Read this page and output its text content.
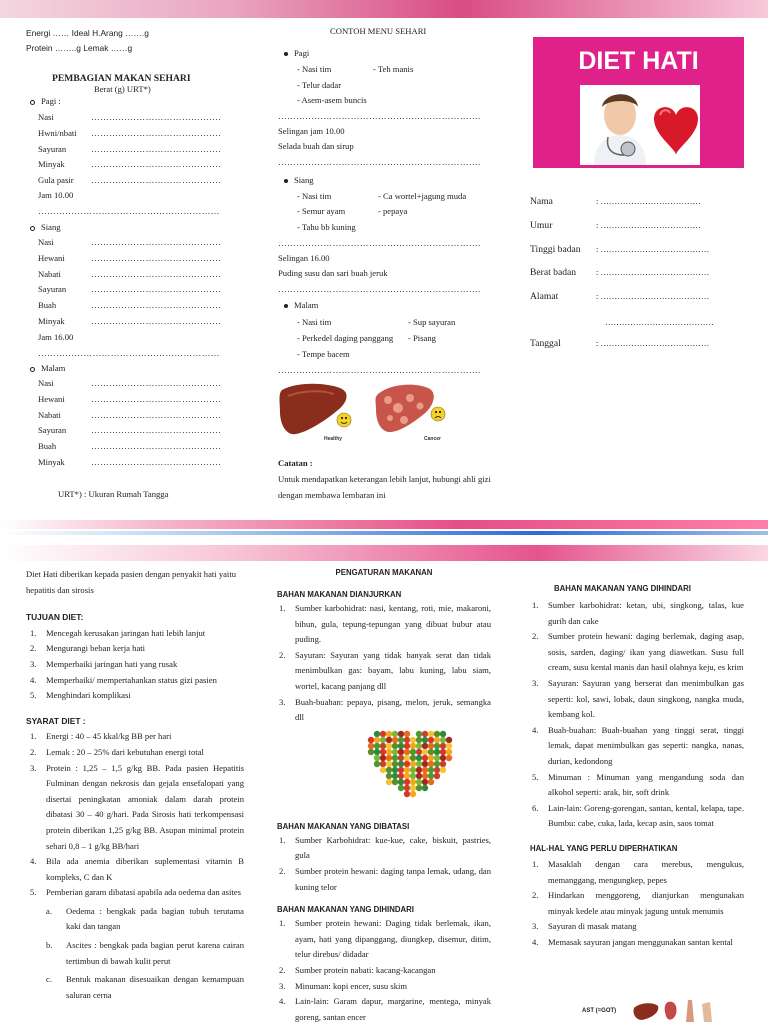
Energi …… Ideal H.Arang …….g
Protein ……..g Lemak ……g
PEMBAGIAN MAKAN SEHARI
Berat (g) URT*)
Pagi :
Nasi	…………………………………….
Hwni/nbati …………………………………….
Sayuran	…………………………………….
Minyak	…………………………………….
Gula pasir …………………………………….
Jam 10.00
……………………………………………………
Siang
Nasi	…………………………………….
Hewani	…………………………………….
Nabati	…………………………………….
Sayuran	…………………………………….
Buah	…………………………………….
Minyak	…………………………………….
Jam 16.00
……………………………………………………
Malam
Nasi	…………………………………….
Hewani	…………………………………….
Nabati	…………………………………….
Sayuran	…………………………………….
Buah	…………………………………….
Minyak	…………………………………….
URT*) : Ukuran Rumah Tangga
CONTOH MENU SEHARI
Pagi
- Nasi tim	- Teh manis
- Telur dadar
- Asem-asem buncis
………………………………………………………….
Selingan jam 10.00
Selada buah dan sirup
………………………………………………………….
Siang
- Nasi tim	- Ca wortel+jagung muda
- Semur ayam	- pepaya
- Tahu bb kuning
………………………………………………………….
Selingan 16.00
Puding susu dan sari buah jeruk
………………………………………………………….
Malam
- Nasi tim	- Sup sayuran
- Perkedel daging panggang - Pisang
- Tempe bacem
………………………………………………………….
Healthy	Cancer
Catatan :
Untuk mendapatkan keterangan lebih lanjut, hubungi ahli gizi dengan membawa lembaran ini
DIET HATI
Nama	: ………………………………
Umur	: ………………………………
Tinggi badan : …………………………………
Berat badan : …………………………………
Alamat	: …………………………………
…………………………………
Tanggal	: …………………………………
Diet Hati diberikan kepada pasien dengan penyakit hati yaitu hepatitis dan sirosis
TUJUAN DIET:
1. Mencegah kerusakan jaringan hati lebih lanjut
2. Mengurangi beban kerja hati
3. Memperbaiki jaringan hati yang rusak
4. Memperbaiki/ mempertahankan status gizi pasien
5. Menghindari komplikasi
SYARAT DIET :
1. Energi : 40 – 45 kkal/kg BB per hari
2. Lemak : 20 – 25% dari kebutuhan energi total
3. Protein : 1,25 – 1,5 g/kg BB. Pada pasien Hepatitis Fulminan dengan nekrosis dan gejala ensefalopati yang disertai peningkatan amoniak dalam darah protein dibatasi 30 – 40 g/hari. Pada Sirosis hati terkompensasi protein diberikan 1,25 g/kg BB. Asupan minimal protein sehari 0,8 – 1 g/kg BB/hari
4. Bila ada anemia diberikan suplementasi vitamin B kompleks, C dan K
5. Pemberian garam dibatasi apabila ada oedema dan asites
a. Oedema : bengkak pada bagian tubuh terutama kaki dan tangan
b. Ascites : bengkak pada bagian perut karena cairan tertimbun di bawah kulit perut
c. Bentuk makanan disesuaikan dengan kemampuan saluran cerna
PENGATURAN MAKANAN
BAHAN MAKANAN DIANJURKAN
1. Sumber karbohidrat: nasi, kentang, roti, mie, makaroni, bihun, gula, tepung-tepungan yang dibuat bubur atau puding.
2. Sayuran: Sayuran yang tidak banyak serat dan tidak menimbulkan gas: bayam, labu kuning, labu siam, wortel, kacang panjang dll
3. Buah-buahan: pepaya, pisang, melon, jeruk, semangka dll
BAHAN MAKANAN YANG DIBATASI
1. Sumber Karbohidrat: kue-kue, cake, biskuit, pastries, gula
2. Sumber protein hewani: daging tanpa lemak, udang, dan kuning telor
BAHAN MAKANAN YANG DIHINDARI
1. Sumber protein hewani: Daging tidak berlemak, ikan, ayam, hati yang dipanggang, diungkep, disemur, ditim, telur direbus/ didadar
2. Sumber protein nabati: kacang-kacangan
3. Minuman: kopi encer, susu skim
4. Lain-lain: Garam dapur, margarine, mentega, minyak goreng, santan encer
BAHAN MAKANAN YANG DIHINDARI
1. Sumber karbohidrat: ketan, ubi, singkong, talas, kue gurih dan cake
2. Sumber protein hewani: daging berlemak, daging asap, sosis, sarden, daging/ ikan yang diawetkan. Susu full cream, susu kental manis dan hasil olahnya keju, es krim
3. Sayuran: Sayuran yang berserat dan menimbulkan gas seperti: kol, sawi, lobak, daun singkong, nangka muda, kembang kol.
4. Buah-buahan: Buah-buahan yang tinggi serat, tinggi lemak, dapat menimbulkan gas seperti: nangka, nanas, durian, kedondong
5. Minuman : Minuman yang mengandung soda dan alkohol seperti: arak, bir, soft drink
6. Lain-lain: Goreng-gorengan, santan, kental, kelapa, tape. Bumbu: cabe, cuka, lada, kecap asin, saos tomat
HAL-HAL YANG PERLU DIPERHATIKAN
1. Masaklah dengan cara merebus, mengukus, memanggang, mengungkep, pepes
2. Hindarkan menggoreng, dianjurkan mengunakan minyak kedele atau minyak jagung untuk menumis
3. Sayuran di masak matang
4. Memasak sayuran jangan menggunakan santan kental
AST (=GOT)
